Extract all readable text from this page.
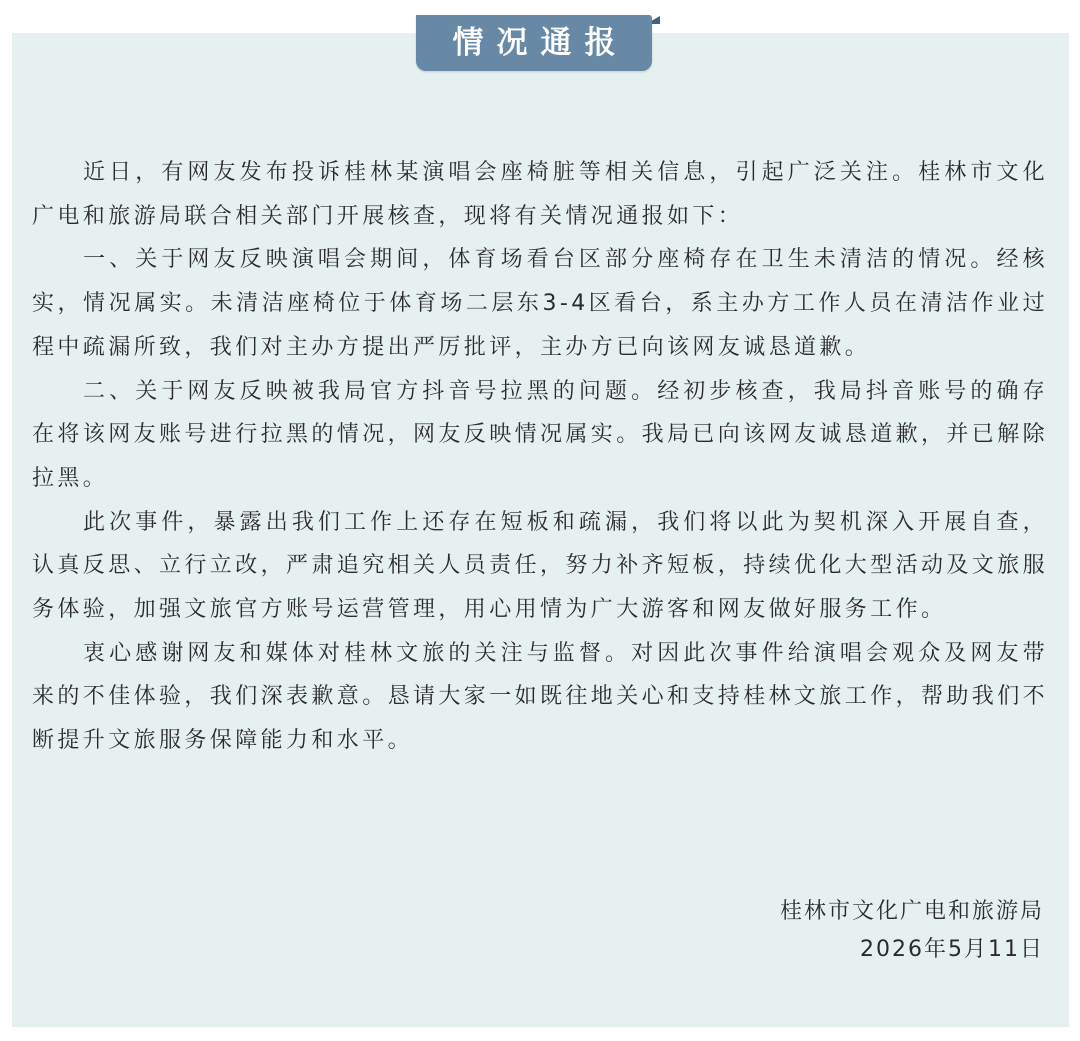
情况通报

近日，有网友发布投诉桂林某演唱会座椅脏等相关信息，引起广泛关注。桂林市文化广电和旅游局联合相关部门开展核查，现将有关情况通报如下：

一、关于网友反映演唱会期间，体育场看台区部分座椅存在卫生未清洁的情况。经核实，情况属实。未清洁座椅位于体育场二层东3-4区看台，系主办方工作人员在清洁作业过程中疏漏所致，我们对主办方提出严厉批评，主办方已向该网友诚恳道歉。

二、关于网友反映被我局官方抖音号拉黑的问题。经初步核查，我局抖音账号的确存在将该网友账号进行拉黑的情况，网友反映情况属实。我局已向该网友诚恳道歉，并已解除拉黑。

此次事件，暴露出我们工作上还存在短板和疏漏，我们将以此为契机深入开展自查，认真反思、立行立改，严肃追究相关人员责任，努力补齐短板，持续优化大型活动及文旅服务体验，加强文旅官方账号运营管理，用心用情为广大游客和网友做好服务工作。

衷心感谢网友和媒体对桂林文旅的关注与监督。对因此次事件给演唱会观众及网友带来的不佳体验，我们深表歉意。恳请大家一如既往地关心和支持桂林文旅工作，帮助我们不断提升文旅服务保障能力和水平。

桂林市文化广电和旅游局
2026年5月11日
